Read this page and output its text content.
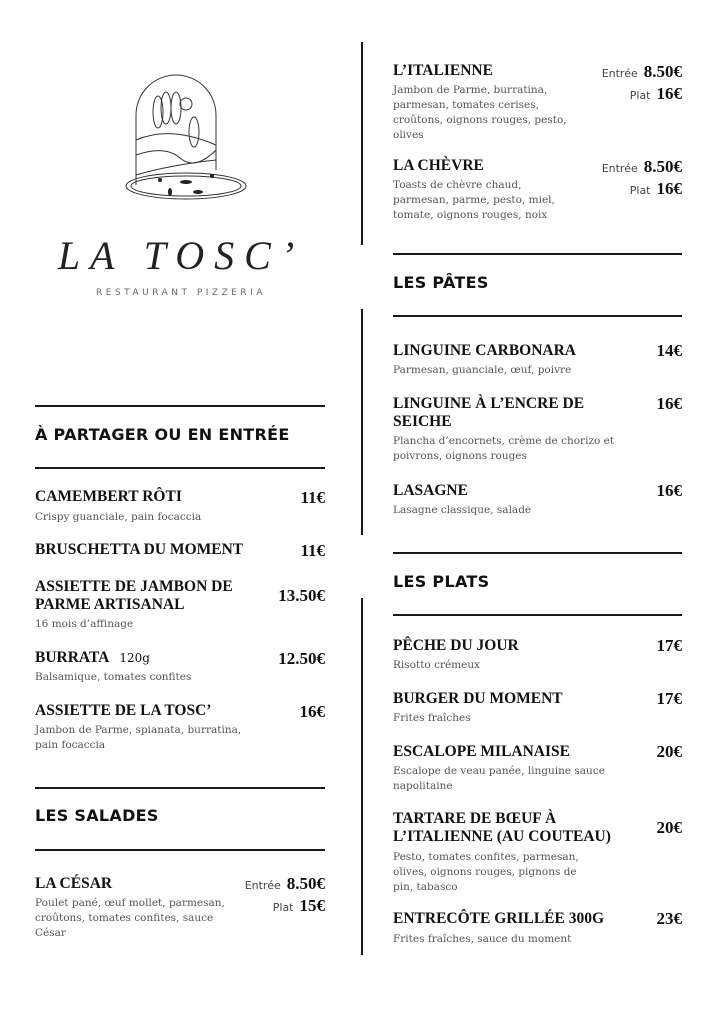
LA TOSC’
RESTAURANT PIZZERIA
À PARTAGER OU EN ENTRÉE
LES SALADES
LES PÂTES
LES PLATS
CAMEMBERT RÔTI
Crispy guanciale, pain focaccia
11€
BRUSCHETTA DU MOMENT	11€
ASSIETTE DE JAMBON DE PARME ARTISANAL
16 mois d’affinage
13.50€
BURRATA 120g
Balsamique, tomates confites
12.50€
ASSIETTE DE LA TOSC’
Jambon de Parme, spianata, burratina, pain focaccia
16€
LA CÉSAR
Poulet pané, œuf mollet, parmesan, croûtons, tomates confites, sauce César
Entrée 8.50€
Plat 15€
L’ITALIENNE
Jambon de Parme, burratina, parmesan, tomates cerises, croûtons, oignons rouges, pesto, olives
Entrée 8.50€
Plat 16€
LA CHÈVRE
Toasts de chèvre chaud, parmesan, parme, pesto, miel, tomate, oignons rouges, noix
Entrée 8.50€
Plat 16€
LINGUINE CARBONARA
Parmesan, guanciale, œuf, poivre
14€
LINGUINE À L’ENCRE DE SEICHE
Plancha d’encornets, crème de chorizo et poivrons, oignons rouges
16€
LASAGNE
Lasagne classique, salade
16€
PÊCHE DU JOUR
Risotto crémeux
17€
BURGER DU MOMENT
Frites fraîches
17€
ESCALOPE MILANAISE
Escalope de veau panée, linguine sauce napolitaine
20€
TARTARE DE BŒUF À L’ITALIENNE (AU COUTEAU)
Pesto, tomates confites, parmesan, olives, oignons rouges, pignons de pin, tabasco
20€
ENTRECÔTE GRILLÉE 300G
Frites fraîches, sauce du moment
23€
